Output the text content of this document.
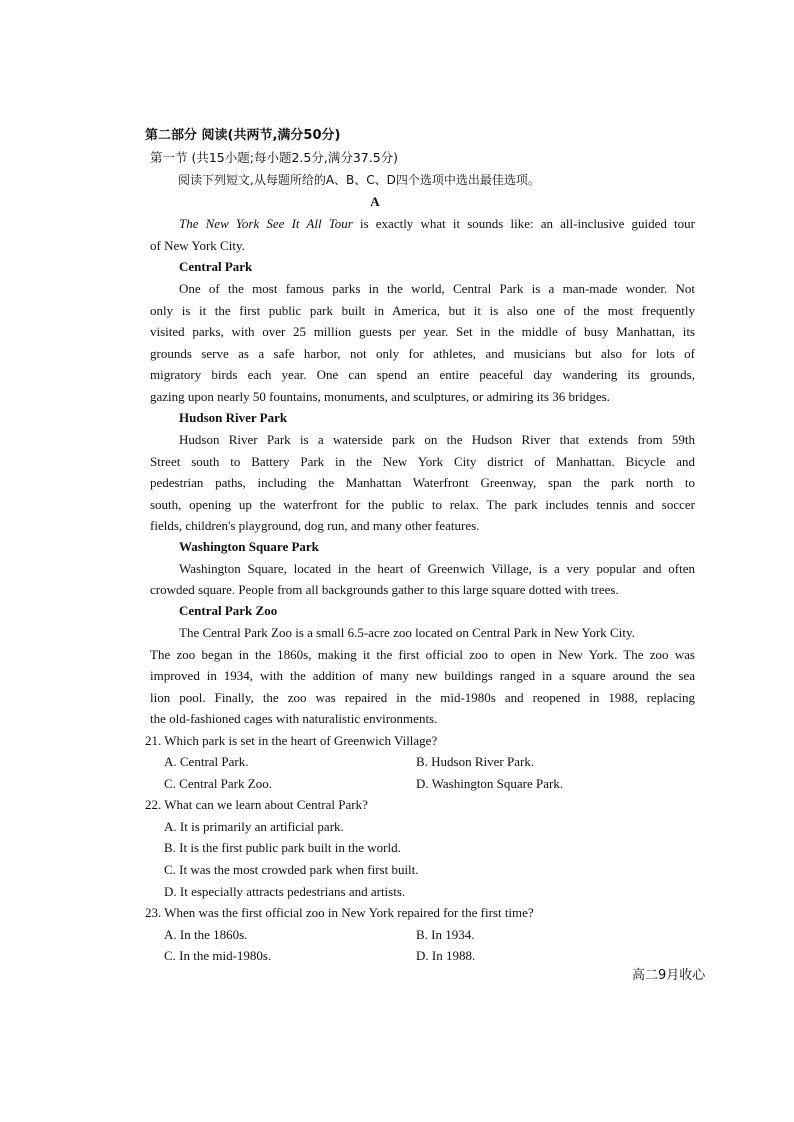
第二部分 阅读(共两节,满分50分)
第一节 (共15小题;每小题2.5分,满分37.5分)
阅读下列短文,从每题所给的A、B、C、D四个选项中选出最佳选项。
A
The New York See It All Tour is exactly what it sounds like: an all-inclusive guided tour
of New York City.
Central Park
One of the most famous parks in the world, Central Park is a man-made wonder. Not
only is it the first public park built in America, but it is also one of the most frequently
visited parks, with over 25 million guests per year. Set in the middle of busy Manhattan, its
grounds serve as a safe harbor, not only for athletes, and musicians but also for lots of
migratory birds each year. One can spend an entire peaceful day wandering its grounds,
gazing upon nearly 50 fountains, monuments, and sculptures, or admiring its 36 bridges.
Hudson River Park
Hudson River Park is a waterside park on the Hudson River that extends from 59th
Street south to Battery Park in the New York City district of Manhattan. Bicycle and
pedestrian paths, including the Manhattan Waterfront Greenway, span the park north to
south, opening up the waterfront for the public to relax. The park includes tennis and soccer
fields, children's playground, dog run, and many other features.
Washington Square Park
Washington Square, located in the heart of Greenwich Village, is a very popular and often
crowded square. People from all backgrounds gather to this large square dotted with trees.
Central Park Zoo
The Central Park Zoo is a small 6.5-acre zoo located on Central Park in New York City.
The zoo began in the 1860s, making it the first official zoo to open in New York. The zoo was
improved in 1934, with the addition of many new buildings ranged in a square around the sea
lion pool. Finally, the zoo was repaired in the mid-1980s and reopened in 1988, replacing
the old-fashioned cages with naturalistic environments.
21. Which park is set in the heart of Greenwich Village?
A. Central Park.	B. Hudson River Park.
C. Central Park Zoo.	D. Washington Square Park.
22. What can we learn about Central Park?
A. It is primarily an artificial park.
B. It is the first public park built in the world.
C. It was the most crowded park when first built.
D. It especially attracts pedestrians and artists.
23. When was the first official zoo in New York repaired for the first time?
A. In the 1860s.	B. In 1934.
C. In the mid-1980s.	D. In 1988.
高二9月收心
